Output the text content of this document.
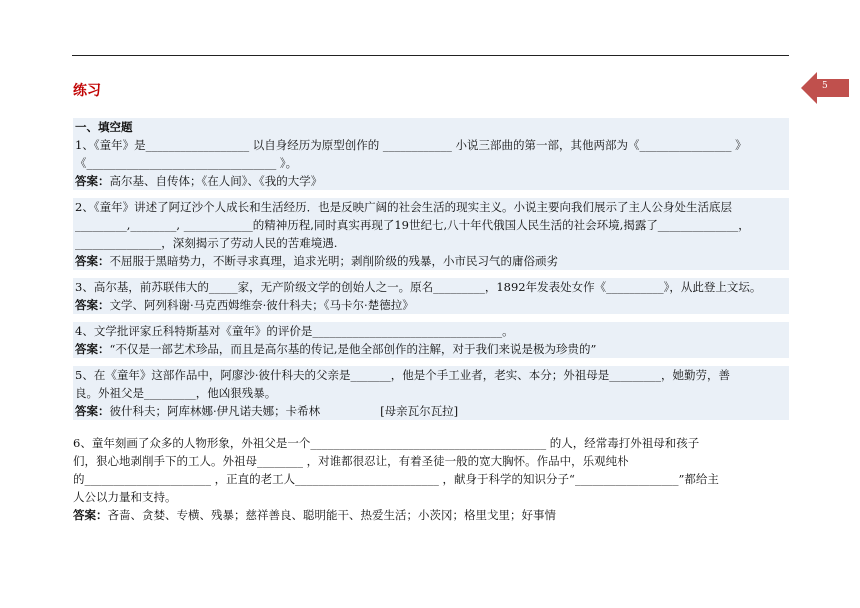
练习	5
一、填空题
1、《童年》是__________________ 以自身经历为原型创作的 ____________ 小说三部曲的第一部，其他两部为《________________ 》
《_________________________________ 》。
答案：高尔基、自传体；《在人间》、《我的大学》
2、《童年》讲述了阿辽沙个人成长和生活经历．也是反映广阔的社会生活的现实主义。小说主要向我们展示了主人公身处生活底层
_________,________, ____________的精神历程,同时真实再现了19世纪七,八十年代俄国人民生活的社会环境,揭露了______________，
_______________，深刻揭示了劳动人民的苦难境遇.
答案：不屈服于黑暗势力，不断寻求真理，追求光明；剥削阶级的残暴，小市民习气的庸俗顽劣
3、高尔基，前苏联伟大的_____家，无产阶级文学的创始人之一。原名_________，1892年发表处女作《__________》，从此登上文坛。
答案：文学、阿列科谢·马克西姆维奈·彼什科夫；《马卡尔·楚德拉》
4、文学批评家丘科特斯基对《童年》的评价是_________________________________。
答案：“不仅是一部艺术珍品，而且是高尔基的传记,是他全部创作的注解，对于我们来说是极为珍贵的”
5、在《童年》这部作品中，阿廖沙·彼什科夫的父亲是_______，他是个手工业者，老实、本分；外祖母是_________，她勤劳，善
良。外祖父是_________，他凶狠残暴。
答案：彼什科夫；阿库林娜·伊凡诺夫娜；卡希林	[母亲瓦尔瓦拉]
6、童年刻画了众多的人物形象，外祖父是一个_________________________________________ 的人，经常毒打外祖母和孩子
们，狠心地剥削手下的工人。外祖母________ ，对谁都很忍让，有着圣徒一般的宽大胸怀。作品中，乐观纯朴
的______________________ ，正直的老工人_________________________ ，献身于科学的知识分子“__________________”都给主
人公以力量和支持。
答案：吝啬、贪婪、专横、残暴；慈祥善良、聪明能干、热爱生活；小茨冈；格里戈里；好事情
